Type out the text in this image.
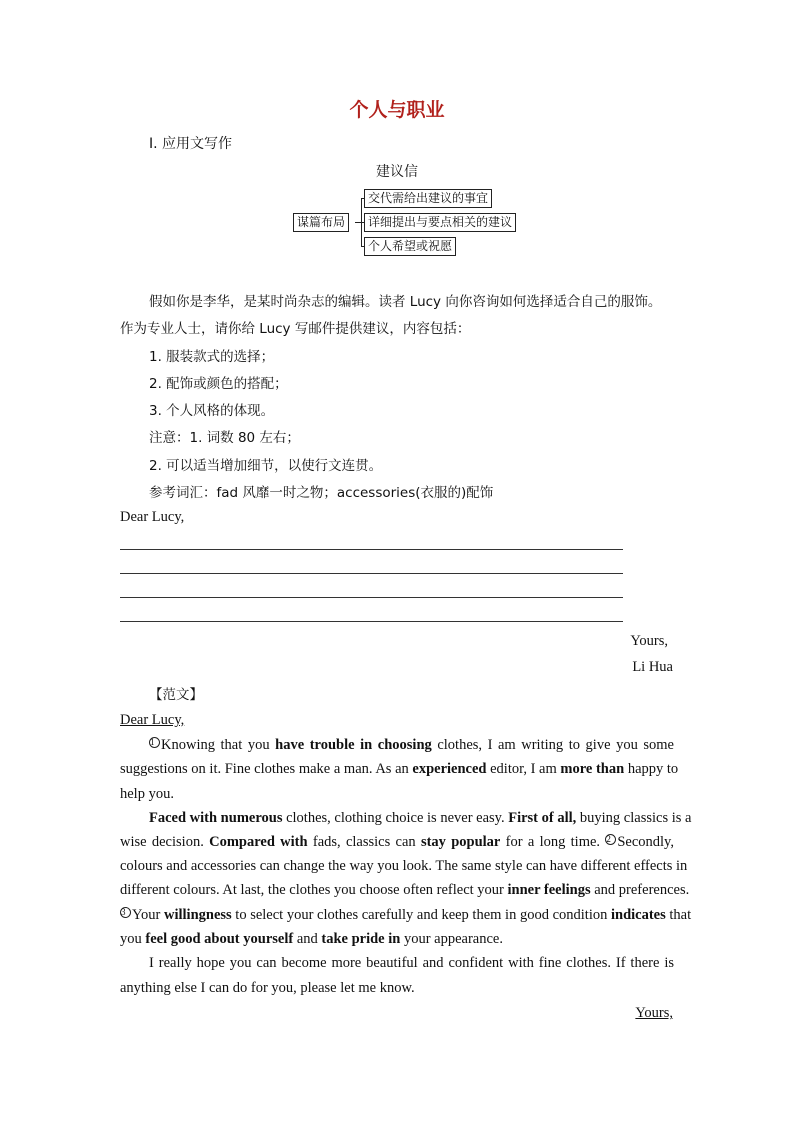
个人与职业
Ⅰ. 应用文写作
建议信
谋篇布局
交代需给出建议的事宜
详细提出与要点相关的建议
个人希望或祝愿
假如你是李华，是某时尚杂志的编辑。读者 Lucy 向你咨询如何选择适合自己的服饰。
作为专业人士，请你给 Lucy 写邮件提供建议，内容包括：
1. 服装款式的选择；
2. 配饰或颜色的搭配；
3. 个人风格的体现。
注意：1. 词数 80 左右；
2. 可以适当增加细节，以使行文连贯。
参考词汇：fad 风靡一时之物；accessories(衣服的)配饰
Dear Lucy,
Yours,
Li Hua
【范文】
Dear Lucy,
1 Knowing that you have trouble in choosing clothes, I am writing to give you some
suggestions on it. Fine clothes make a man. As an experienced editor, I am more than happy to
help you.
Faced with numerous clothes, clothing choice is never easy. First of all, buying classics is a
wise decision. Compared with fads, classics can stay popular for a long time. 2 Secondly,
colours and accessories can change the way you look. The same style can have different effects in
different colours. At last, the clothes you choose often reflect your inner feelings and preferences.
3 Your willingness to select your clothes carefully and keep them in good condition indicates that
you feel good about yourself and take pride in your appearance.
I really hope you can become more beautiful and confident with fine clothes. If there is
anything else I can do for you, please let me know.
Yours,
